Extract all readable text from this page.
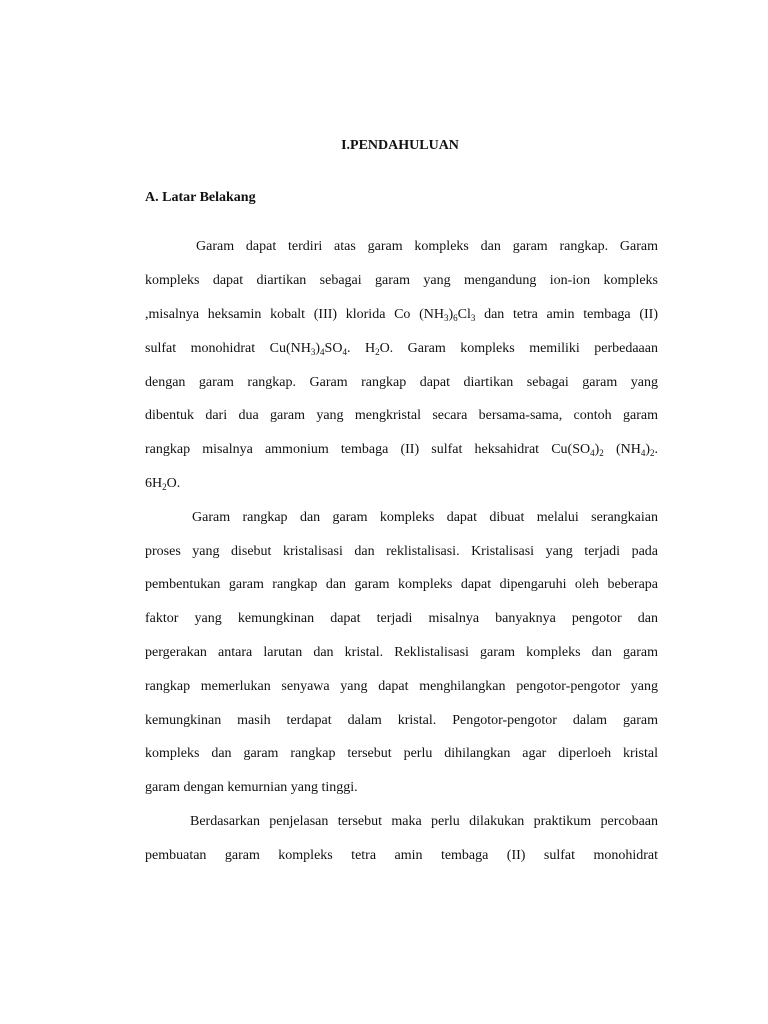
I.PENDAHULUAN
A. Latar Belakang
Garam dapat terdiri atas garam kompleks dan garam rangkap. Garam
kompleks dapat diartikan sebagai garam yang mengandung ion-ion kompleks
,misalnya heksamin kobalt (III) klorida Co $(NH_3)_6Cl_3$ dan tetra amin tembaga (II)
sulfat monohidrat $Cu(NH_3)_4SO_4$. $H_2O$. Garam kompleks memiliki perbedaaan
dengan garam rangkap. Garam rangkap dapat diartikan sebagai garam yang
dibentuk dari dua garam yang mengkristal secara bersama-sama, contoh garam
rangkap misalnya ammonium tembaga (II) sulfat heksahidrat $Cu(SO_4)_2$ $(NH_4)_2$.
$6H_2O$.
Garam rangkap dan garam kompleks dapat dibuat melalui serangkaian
proses yang disebut kristalisasi dan reklistalisasi. Kristalisasi yang terjadi pada
pembentukan garam rangkap dan garam kompleks dapat dipengaruhi oleh beberapa
faktor yang kemungkinan dapat terjadi misalnya banyaknya pengotor dan
pergerakan antara larutan dan kristal. Reklistalisasi garam kompleks dan garam
rangkap memerlukan senyawa yang dapat menghilangkan pengotor-pengotor yang
kemungkinan masih terdapat dalam kristal. Pengotor-pengotor dalam garam
kompleks dan garam rangkap tersebut perlu dihilangkan agar diperloeh kristal
garam dengan kemurnian yang tinggi.
Berdasarkan penjelasan tersebut maka perlu dilakukan praktikum percobaan
pembuatan garam kompleks tetra amin tembaga (II) sulfat monohidrat
